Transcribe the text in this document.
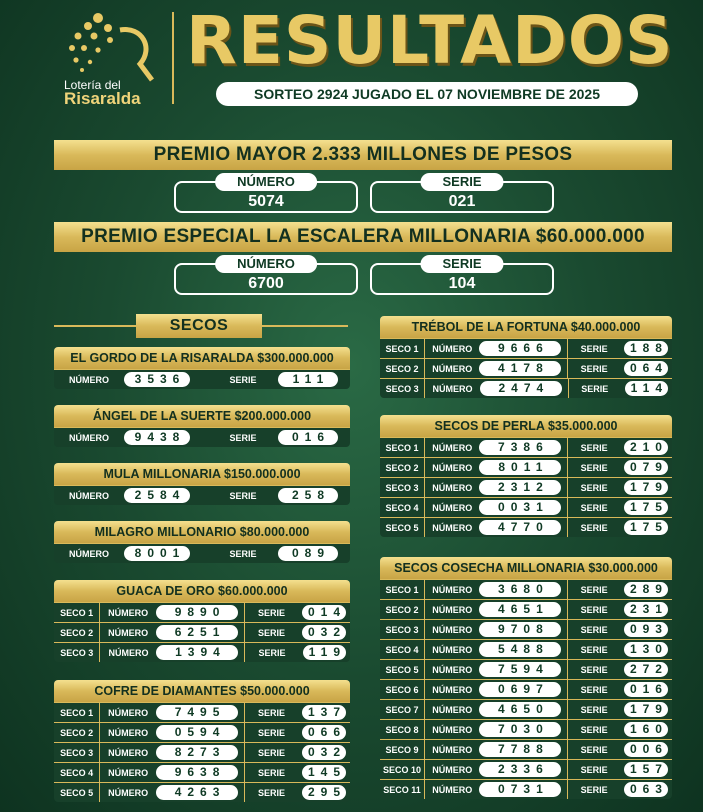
Lotería del
Risaralda
RESULTADOS
SORTEO 2924 JUGADO EL 07 NOVIEMBRE DE 2025
PREMIO MAYOR 2.333 MILLONES DE PESOS
NÚMERO
5074
SERIE
021
PREMIO ESPECIAL LA ESCALERA MILLONARIA $60.000.000
NÚMERO
6700
SERIE
104
SECOS
EL GORDO DE LA RISARALDA $300.000.000
NÚMERO	3536	SERIE	111
ÁNGEL DE LA SUERTE $200.000.000
NÚMERO	9438	SERIE	016
MULA MILLONARIA $150.000.000
NÚMERO	2584	SERIE	258
MILAGRO MILLONARIO $80.000.000
NÚMERO	8001	SERIE	089
GUACA DE ORO $60.000.000
SECO 1	NÚMERO	9890	SERIE	014
SECO 2	NÚMERO	6251	SERIE	032
SECO 3	NÚMERO	1394	SERIE	119
COFRE DE DIAMANTES $50.000.000
SECO 1	NÚMERO	7495	SERIE	137
SECO 2	NÚMERO	0594	SERIE	066
SECO 3	NÚMERO	8273	SERIE	032
SECO 4	NÚMERO	9638	SERIE	145
SECO 5	NÚMERO	4263	SERIE	295
TRÉBOL DE LA FORTUNA $40.000.000
SECO 1	NÚMERO	9666	SERIE	188
SECO 2	NÚMERO	4178	SERIE	064
SECO 3	NÚMERO	2474	SERIE	114
SECOS DE PERLA $35.000.000
SECO 1	NÚMERO	7386	SERIE	210
SECO 2	NÚMERO	8011	SERIE	079
SECO 3	NÚMERO	2312	SERIE	179
SECO 4	NÚMERO	0031	SERIE	175
SECO 5	NÚMERO	4770	SERIE	175
SECOS COSECHA MILLONARIA $30.000.000
SECO 1	NÚMERO	3680	SERIE	289
SECO 2	NÚMERO	4651	SERIE	231
SECO 3	NÚMERO	9708	SERIE	093
SECO 4	NÚMERO	5488	SERIE	130
SECO 5	NÚMERO	7594	SERIE	272
SECO 6	NÚMERO	0697	SERIE	016
SECO 7	NÚMERO	4650	SERIE	179
SECO 8	NÚMERO	7030	SERIE	160
SECO 9	NÚMERO	7788	SERIE	006
SECO 10	NÚMERO	2336	SERIE	157
SECO 11	NÚMERO	0731	SERIE	063
